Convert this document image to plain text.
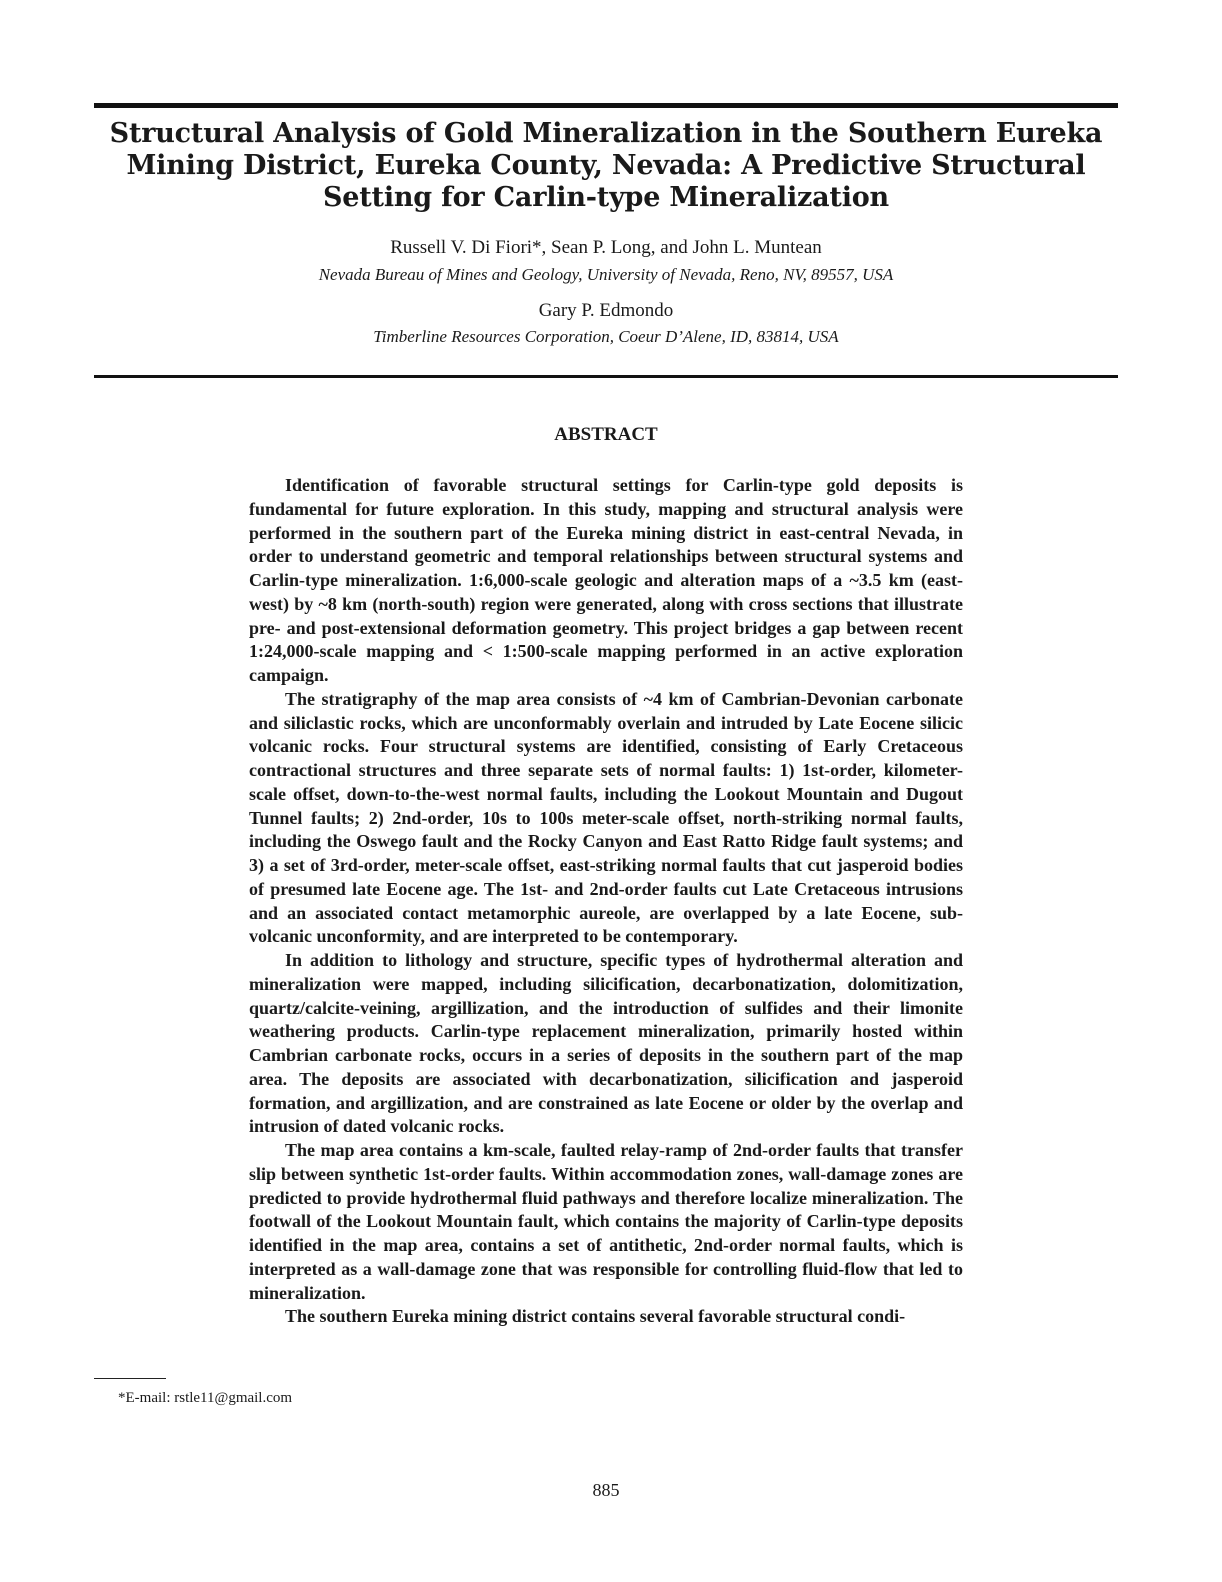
Structural Analysis of Gold Mineralization in the Southern Eureka Mining District, Eureka County, Nevada: A Predictive Structural Setting for Carlin-type Mineralization
Russell V. Di Fiori*, Sean P. Long, and John L. Muntean
Nevada Bureau of Mines and Geology, University of Nevada, Reno, NV, 89557, USA
Gary P. Edmondo
Timberline Resources Corporation, Coeur D’Alene, ID, 83814, USA
ABSTRACT

Identification of favorable structural settings for Carlin-type gold deposits is fundamental for future exploration. In this study, mapping and structural analysis were performed in the southern part of the Eureka mining district in east-central Nevada, in order to understand geometric and temporal relationships between structural systems and Carlin-type mineralization. 1:6,000-scale geologic and alteration maps of a ~3.5 km (east-west) by ~8 km (north-south) region were generated, along with cross sections that illustrate pre- and post-extensional deformation geometry. This project bridges a gap between recent 1:24,000-scale mapping and < 1:500-scale mapping performed in an active exploration campaign.

The stratigraphy of the map area consists of ~4 km of Cambrian-Devonian carbonate and siliclastic rocks, which are unconformably overlain and intruded by Late Eocene silicic volcanic rocks. Four structural systems are identified, consisting of Early Cretaceous contractional structures and three separate sets of normal faults: 1) 1st-order, kilometer-scale offset, down-to-the-west normal faults, including the Lookout Mountain and Dugout Tunnel faults; 2) 2nd-order, 10s to 100s meter-scale offset, north-striking normal faults, including the Oswego fault and the Rocky Canyon and East Ratto Ridge fault systems; and 3) a set of 3rd-order, meter-scale offset, east-striking normal faults that cut jasperoid bodies of presumed late Eocene age. The 1st- and 2nd-order faults cut Late Cretaceous intrusions and an associated contact metamorphic aureole, are overlapped by a late Eocene, sub-volcanic unconformity, and are interpreted to be contemporary.

In addition to lithology and structure, specific types of hydrothermal alteration and mineralization were mapped, including silicification, decarbonatization, dolomitization, quartz/calcite-veining, argillization, and the introduction of sulfides and their limonite weathering products. Carlin-type replacement mineralization, primarily hosted within Cambrian carbonate rocks, occurs in a series of deposits in the southern part of the map area. The deposits are associated with decarbonatization, silicification and jasperoid formation, and argillization, and are constrained as late Eocene or older by the overlap and intrusion of dated volcanic rocks.

The map area contains a km-scale, faulted relay-ramp of 2nd-order faults that transfer slip between synthetic 1st-order faults. Within accommodation zones, wall-damage zones are predicted to provide hydrothermal fluid pathways and therefore localize mineralization. The footwall of the Lookout Mountain fault, which contains the majority of Carlin-type deposits identified in the map area, contains a set of antithetic, 2nd-order normal faults, which is interpreted as a wall-damage zone that was responsible for controlling fluid-flow that led to mineralization.

The southern Eureka mining district contains several favorable structural condi-

*E-mail: rstle11@gmail.com
885
